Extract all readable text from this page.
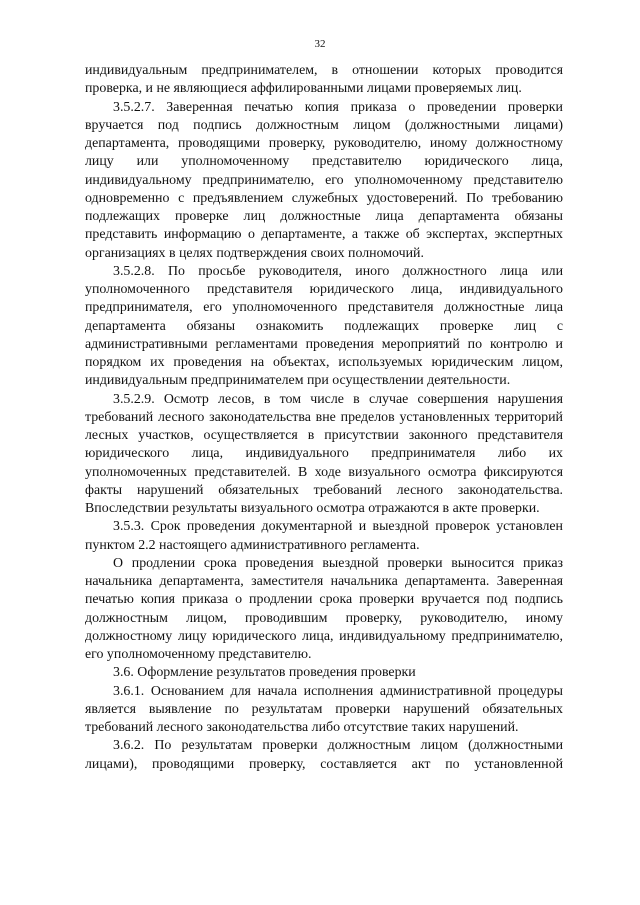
32

индивидуальным предпринимателем, в отношении которых проводится проверка, и не являющиеся аффилированными лицами проверяемых лиц.

3.5.2.7. Заверенная печатью копия приказа о проведении проверки вручается под подпись должностным лицом (должностными лицами) департамента, проводящими проверку, руководителю, иному должностному лицу или уполномоченному представителю юридического лица, индивидуальному предпринимателю, его уполномоченному представителю одновременно с предъявлением служебных удостоверений. По требованию подлежащих проверке лиц должностные лица департамента обязаны представить информацию о департаменте, а также об экспертах, экспертных организациях в целях подтверждения своих полномочий.

3.5.2.8. По просьбе руководителя, иного должностного лица или уполномоченного представителя юридического лица, индивидуального предпринимателя, его уполномоченного представителя должностные лица департамента обязаны ознакомить подлежащих проверке лиц с административными регламентами проведения мероприятий по контролю и порядком их проведения на объектах, используемых юридическим лицом, индивидуальным предпринимателем при осуществлении деятельности.

3.5.2.9. Осмотр лесов, в том числе в случае совершения нарушения требований лесного законодательства вне пределов установленных территорий лесных участков, осуществляется в присутствии законного представителя юридического лица, индивидуального предпринимателя либо их уполномоченных представителей. В ходе визуального осмотра фиксируются факты нарушений обязательных требований лесного законодательства. Впоследствии результаты визуального осмотра отражаются в акте проверки.

3.5.3. Срок проведения документарной и выездной проверок установлен пунктом 2.2 настоящего административного регламента.

О продлении срока проведения выездной проверки выносится приказ начальника департамента, заместителя начальника департамента. Заверенная печатью копия приказа о продлении срока проверки вручается под подпись должностным лицом, проводившим проверку, руководителю, иному должностному лицу юридического лица, индивидуальному предпринимателю, его уполномоченному представителю.

3.6. Оформление результатов проведения проверки

3.6.1. Основанием для начала исполнения административной процедуры является выявление по результатам проверки нарушений обязательных требований лесного законодательства либо отсутствие таких нарушений.

3.6.2. По результатам проверки должностным лицом (должностными лицами), проводящими проверку, составляется акт по установленной
